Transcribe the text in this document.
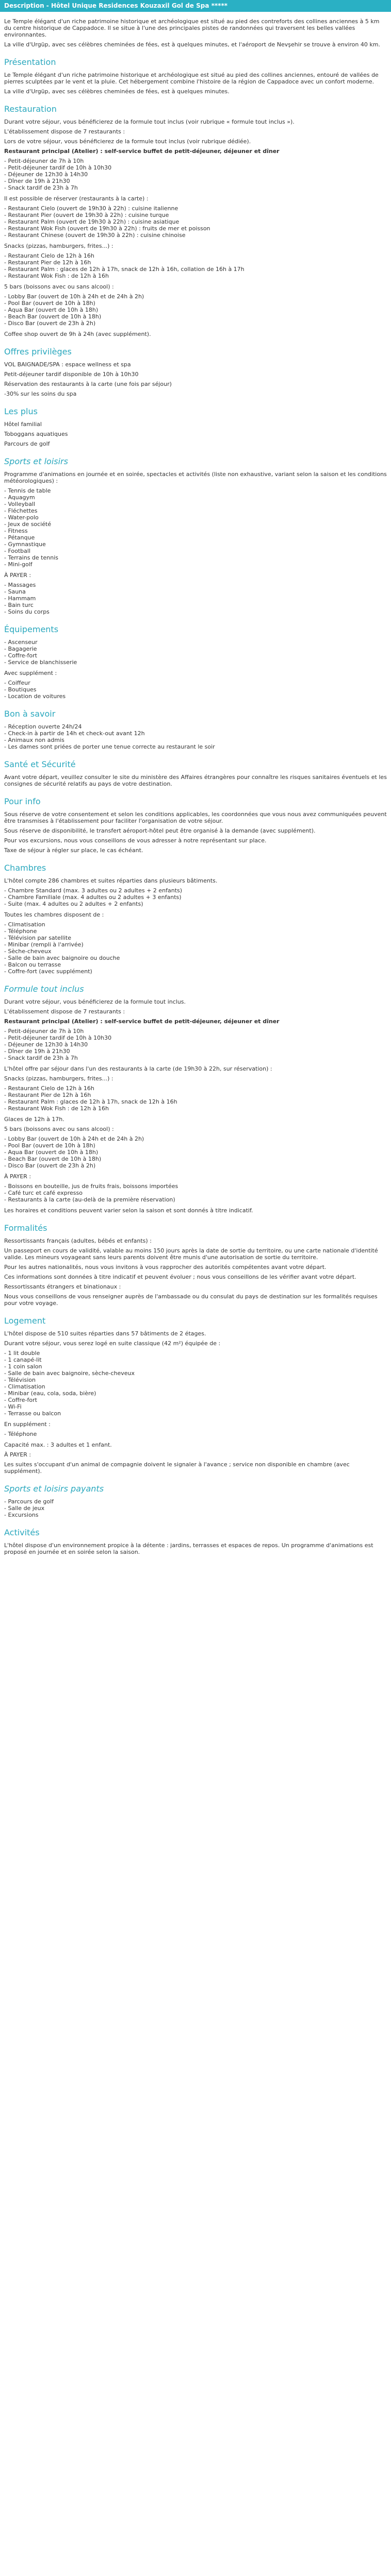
Description - Hôtel Unique Residences Kouzaxil Gol de Spa *****

Le Temple élégant d'un riche patrimoine historique et archéologique est situé au pied des contreforts des collines anciennes à 5 km du centre historique de Cappadoce. Il se situe à l'une des principales pistes de randonnées qui traversent les belles vallées environnantes.

La ville d'Urgüp, avec ses célèbres cheminées de fées, est à quelques minutes, et l'aéroport de Nevşehir se trouve à environ 40 km.

Présentation

Le Temple élégant d'un riche patrimoine historique et archéologique est situé au pied des collines anciennes, entouré de vallées de pierres sculptées par le vent et la pluie. Cet hébergement combine l'histoire de la région de Cappadoce avec un confort moderne.

La ville d'Urgüp, avec ses célèbres cheminées de fées, est à quelques minutes.

Restauration

Durant votre séjour, vous bénéficierez de la formule tout inclus (voir rubrique « formule tout inclus »).

L'établissement dispose de 7 restaurants :

Lors de votre séjour, vous bénéficierez de la formule tout inclus (voir rubrique dédiée).

Restaurant principal (Atelier) : self-service buffet de petit-déjeuner, déjeuner et dîner

- Petit-déjeuner de 7h à 10h
- Petit-déjeuner tardif de 10h à 10h30
- Déjeuner de 12h30 à 14h30
- Dîner de 19h à 21h30
- Snack tardif de 23h à 7h

Il est possible de réserver (restaurants à la carte) :

- Restaurant Cielo (ouvert de 19h30 à 22h) : cuisine italienne
- Restaurant Pier (ouvert de 19h30 à 22h) : cuisine turque
- Restaurant Palm (ouvert de 19h30 à 22h) : cuisine asiatique
- Restaurant Wok Fish (ouvert de 19h30 à 22h) : fruits de mer et poisson
- Restaurant Chinese (ouvert de 19h30 à 22h) : cuisine chinoise

Snacks (pizzas, hamburgers, frites...) :

- Restaurant Cielo de 12h à 16h
- Restaurant Pier de 12h à 16h
- Restaurant Palm : glaces de 12h à 17h, snack de 12h à 16h, collation de 16h à 17h
- Restaurant Wok Fish : de 12h à 16h

5 bars (boissons avec ou sans alcool) :

- Lobby Bar (ouvert de 10h à 24h et de 24h à 2h)
- Pool Bar (ouvert de 10h à 18h)
- Aqua Bar (ouvert de 10h à 18h)
- Beach Bar (ouvert de 10h à 18h)
- Disco Bar (ouvert de 23h à 2h)

Coffee shop ouvert de 9h à 24h (avec supplément).

Offres privilèges

VOL BAIGNADE/SPA : espace wellness et spa

Petit-déjeuner tardif disponible de 10h à 10h30

Réservation des restaurants à la carte (une fois par séjour)

-30% sur les soins du spa

Les plus

Hôtel familial

Toboggans aquatiques

Parcours de golf

Sports et loisirs

Programme d'animations en journée et en soirée, spectacles et activités (liste non exhaustive, variant selon la saison et les conditions météorologiques) :

- Tennis de table
- Aquagym
- Volleyball
- Fléchettes
- Water-polo
- Jeux de société
- Fitness
- Pétanque
- Gymnastique
- Football
- Terrains de tennis
- Mini-golf

À PAYER :

- Massages
- Sauna
- Hammam
- Bain turc
- Soins du corps
Équipements
- Ascenseur
- Bagagerie
- Coffre-fort
- Service de blanchisserie

Avec supplément :

- Coiffeur
- Boutiques
- Location de voitures
Bon à savoir
- Réception ouverte 24h/24
- Check-in à partir de 14h et check-out avant 12h
- Animaux non admis
- Les dames sont priées de porter une tenue correcte au restaurant le soir
Santé et Sécurité

Avant votre départ, veuillez consulter le site du ministère des Affaires étrangères pour connaître les risques sanitaires éventuels et les consignes de sécurité relatifs au pays de votre destination.

Pour info

Sous réserve de votre consentement et selon les conditions applicables, les coordonnées que vous nous avez communiquées peuvent être transmises à l'établissement pour faciliter l'organisation de votre séjour.

Sous réserve de disponibilité, le transfert aéroport-hôtel peut être organisé à la demande (avec supplément).

Pour vos excursions, nous vous conseillons de vous adresser à notre représentant sur place.

Taxe de séjour à régler sur place, le cas échéant.

Chambres

L'hôtel compte 286 chambres et suites réparties dans plusieurs bâtiments.

- Chambre Standard (max. 3 adultes ou 2 adultes + 2 enfants)
- Chambre Familiale (max. 4 adultes ou 2 adultes + 3 enfants)
- Suite (max. 4 adultes ou 2 adultes + 2 enfants)

Toutes les chambres disposent de :

- Climatisation
- Téléphone
- Télévision par satellite
- Minibar (rempli à l'arrivée)
- Sèche-cheveux
- Salle de bain avec baignoire ou douche
- Balcon ou terrasse
- Coffre-fort (avec supplément)
Formule tout inclus

Durant votre séjour, vous bénéficierez de la formule tout inclus.

L'établissement dispose de 7 restaurants :

Restaurant principal (Atelier) : self-service buffet de petit-déjeuner, déjeuner et dîner

- Petit-déjeuner de 7h à 10h
- Petit-déjeuner tardif de 10h à 10h30
- Déjeuner de 12h30 à 14h30
- Dîner de 19h à 21h30
- Snack tardif de 23h à 7h

L'hôtel offre par séjour dans l'un des restaurants à la carte (de 19h30 à 22h, sur réservation) :

Snacks (pizzas, hamburgers, frites...) :

- Restaurant Cielo de 12h à 16h
- Restaurant Pier de 12h à 16h
- Restaurant Palm : glaces de 12h à 17h, snack de 12h à 16h
- Restaurant Wok Fish : de 12h à 16h

Glaces de 12h à 17h.

5 bars (boissons avec ou sans alcool) :

- Lobby Bar (ouvert de 10h à 24h et de 24h à 2h)
- Pool Bar (ouvert de 10h à 18h)
- Aqua Bar (ouvert de 10h à 18h)
- Beach Bar (ouvert de 10h à 18h)
- Disco Bar (ouvert de 23h à 2h)

À PAYER :

- Boissons en bouteille, jus de fruits frais, boissons importées
- Café turc et café expresso
- Restaurants à la carte (au-delà de la première réservation)

Les horaires et conditions peuvent varier selon la saison et sont donnés à titre indicatif.

Formalités

Ressortissants français (adultes, bébés et enfants) :

Un passeport en cours de validité, valable au moins 150 jours après la date de sortie du territoire, ou une carte nationale d'identité valide. Les mineurs voyageant sans leurs parents doivent être munis d'une autorisation de sortie du territoire.

Pour les autres nationalités, nous vous invitons à vous rapprocher des autorités compétentes avant votre départ.

Ces informations sont données à titre indicatif et peuvent évoluer ; nous vous conseillons de les vérifier avant votre départ.

Ressortissants étrangers et binationaux :

Nous vous conseillons de vous renseigner auprès de l'ambassade ou du consulat du pays de destination sur les formalités requises pour votre voyage.

Logement

L'hôtel dispose de 510 suites réparties dans 57 bâtiments de 2 étages.

Durant votre séjour, vous serez logé en suite classique (42 m²) équipée de :

- 1 lit double
- 1 canapé-lit
- 1 coin salon
- Salle de bain avec baignoire, sèche-cheveux
- Télévision
- Climatisation
- Minibar (eau, cola, soda, bière)
- Coffre-fort
- Wi-Fi
- Terrasse ou balcon

En supplément :

- Téléphone

Capacité max. : 3 adultes et 1 enfant.

À PAYER :

Les suites s'occupant d'un animal de compagnie doivent le signaler à l'avance ; service non disponible en chambre (avec supplément).

Sports et loisirs payants
- Parcours de golf
- Salle de jeux
- Excursions
Activités

L'hôtel dispose d'un environnement propice à la détente : jardins, terrasses et espaces de repos. Un programme d'animations est proposé en journée et en soirée selon la saison.
